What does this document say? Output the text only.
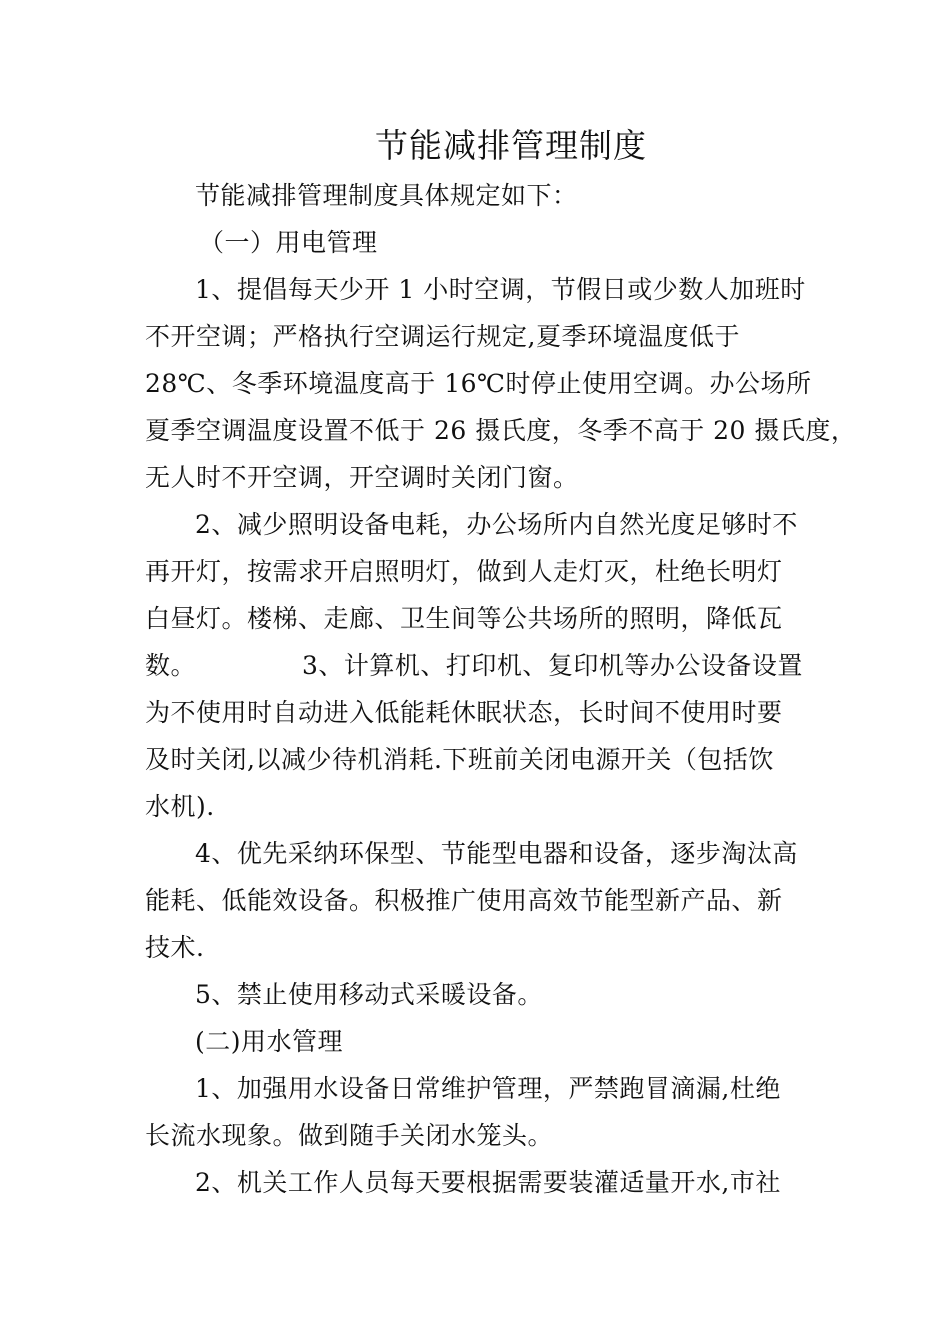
节能减排管理制度
节能减排管理制度具体规定如下：
（一）用电管理
1、提倡每天少开 1 小时空调，节假日或少数人加班时
不开空调；严格执行空调运行规定,夏季环境温度低于
28℃、冬季环境温度高于 16℃时停止使用空调。办公场所
夏季空调温度设置不低于 26 摄氏度，冬季不高于 20 摄氏度，
无人时不开空调，开空调时关闭门窗。
2、减少照明设备电耗，办公场所内自然光度足够时不
再开灯，按需求开启照明灯，做到人走灯灭，杜绝长明灯
白昼灯。楼梯、走廊、卫生间等公共场所的照明，降低瓦
数。	3、计算机、打印机、复印机等办公设备设置
为不使用时自动进入低能耗休眠状态，长时间不使用时要
及时关闭,以减少待机消耗.下班前关闭电源开关（包括饮
水机).
4、优先采纳环保型、节能型电器和设备，逐步淘汰高
能耗、低能效设备。积极推广使用高效节能型新产品、新
技术.
5、禁止使用移动式采暖设备。
(二)用水管理
1、加强用水设备日常维护管理，严禁跑冒滴漏,杜绝
长流水现象。做到随手关闭水笼头。
2、机关工作人员每天要根据需要装灌适量开水,市社
